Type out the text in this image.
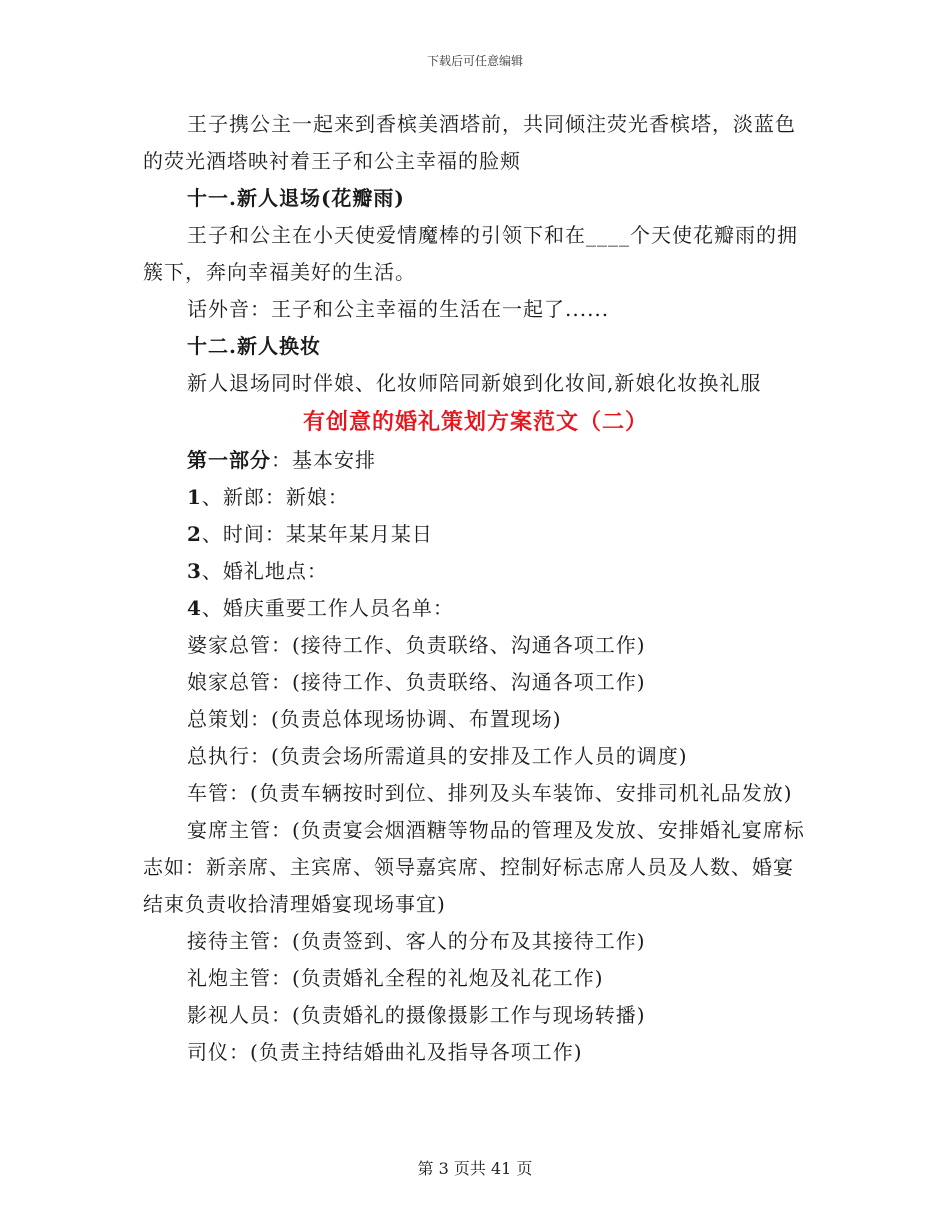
下载后可任意编辑

王子携公主一起来到香槟美酒塔前，共同倾注荧光香槟塔，淡蓝色的荧光酒塔映衬着王子和公主幸福的脸颊

十一.新人退场(花瓣雨)

王子和公主在小天使爱情魔棒的引领下和在____个天使花瓣雨的拥簇下，奔向幸福美好的生活。

话外音：王子和公主幸福的生活在一起了......

十二.新人换妆

新人退场同时伴娘、化妆师陪同新娘到化妆间,新娘化妆换礼服

有创意的婚礼策划方案范文（二）

第一部分：基本安排

1、新郎：新娘：

2、时间：某某年某月某日

3、婚礼地点：

4、婚庆重要工作人员名单：

婆家总管：(接待工作、负责联络、沟通各项工作)

娘家总管：(接待工作、负责联络、沟通各项工作)

总策划：(负责总体现场协调、布置现场)

总执行：(负责会场所需道具的安排及工作人员的调度)

车管：(负责车辆按时到位、排列及头车装饰、安排司机礼品发放)

宴席主管：(负责宴会烟酒糖等物品的管理及发放、安排婚礼宴席标志如：新亲席、主宾席、领导嘉宾席、控制好标志席人员及人数、婚宴结束负责收拾清理婚宴现场事宜)

接待主管：(负责签到、客人的分布及其接待工作)

礼炮主管：(负责婚礼全程的礼炮及礼花工作)

影视人员：(负责婚礼的摄像摄影工作与现场转播)

司仪：(负责主持结婚曲礼及指导各项工作)

第 3 页共 41 页
